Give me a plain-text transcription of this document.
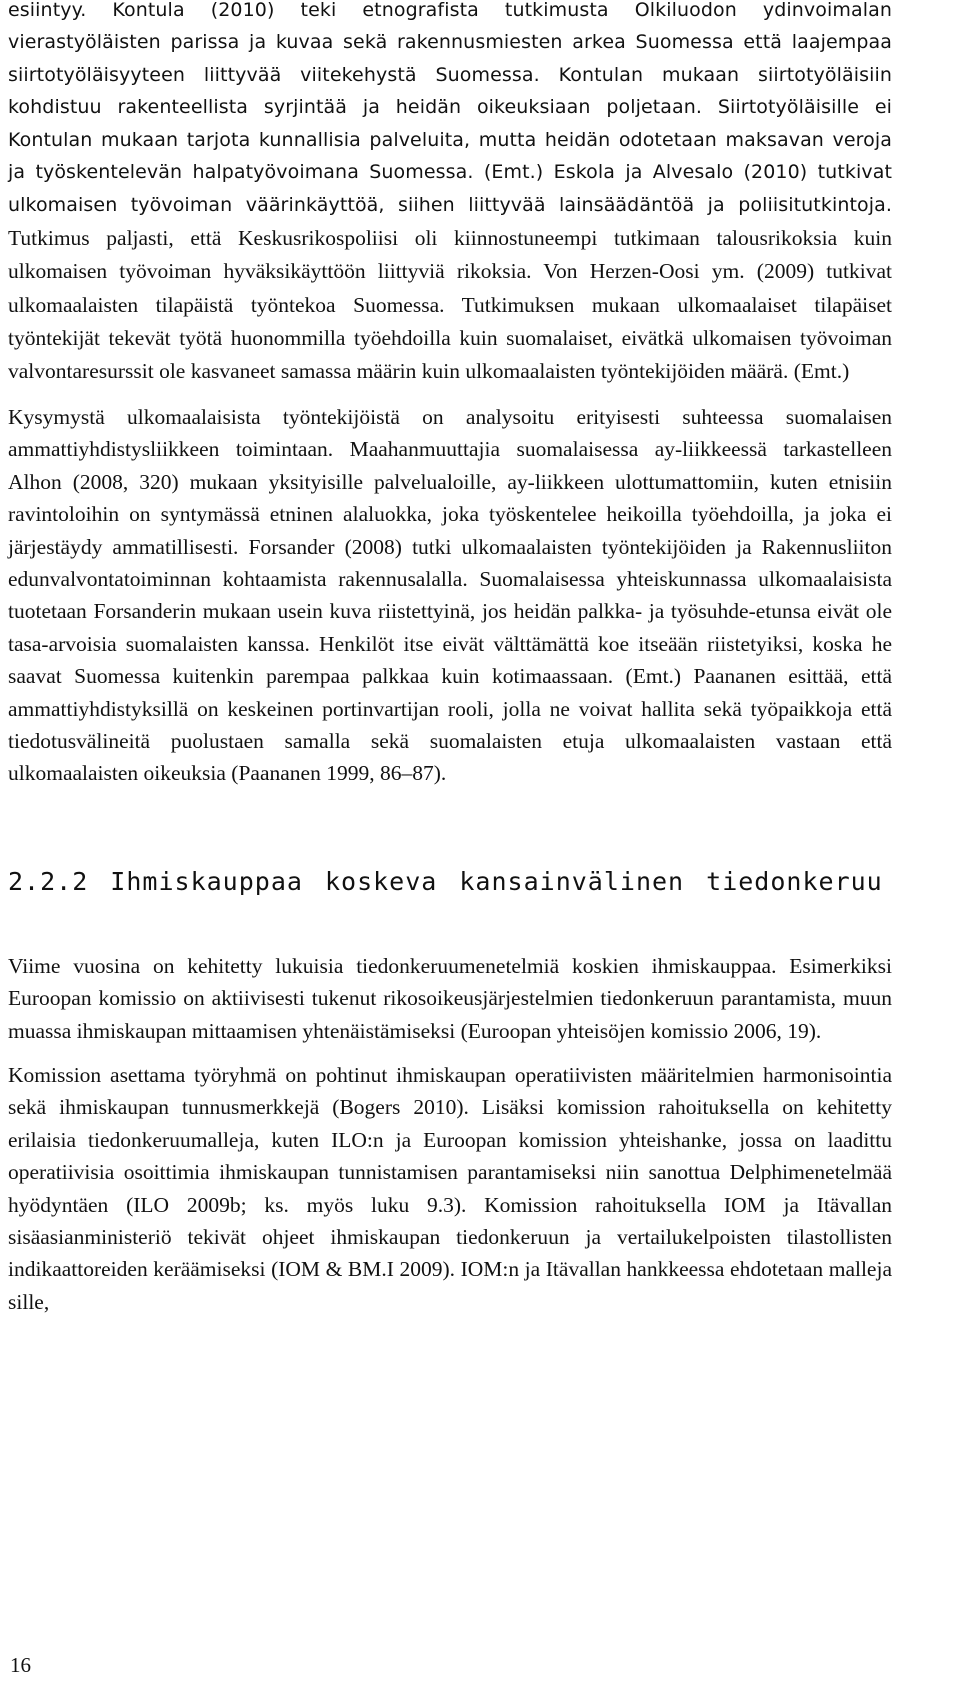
esiintyy. Kontula (2010) teki etnografista tutkimusta Olkiluodon ydinvoimalan vierastyöläisten parissa ja kuvaa sekä rakennusmiesten arkea Suomessa että laajempaa siirtotyöläisyyteen liittyvää viitekehystä Suomessa. Kontulan mukaan siirtotyöläisiin kohdistuu rakenteellista syrjintää ja heidän oikeuksiaan poljetaan. Siirtotyöläisille ei Kontulan mukaan tarjota kunnallisia palveluita, mutta heidän odotetaan maksavan veroja ja työskentelevän halpatyövoimana Suomessa. (Emt.) Eskola ja Alvesalo (2010) tutkivat ulkomaisen työvoiman väärinkäyttöä, siihen liittyvää lainsäädäntöä ja poliisitutkintoja. Tutkimus paljasti, että Keskusrikospoliisi oli kiinnostuneempi tutkimaan talousrikoksia kuin ulkomaisen työvoiman hyväksikäyttöön liittyviä rikoksia. Von Herzen-Oosi ym. (2009) tutkivat ulkomaalaisten tilapäistä työntekoa Suomessa. Tutkimuksen mukaan ulkomaalaiset tilapäiset työntekijät tekevät työtä huonommilla työehdoilla kuin suomalaiset, eivätkä ulkomaisen työvoiman valvontaresurssit ole kasvaneet samassa määrin kuin ulkomaalaisten työntekijöiden määrä. (Emt.)

Kysymystä ulkomaalaisista työntekijöistä on analysoitu erityisesti suhteessa suomalaisen ammattiyhdistysliikkeen toimintaan. Maahanmuuttajia suomalaisessa ay-liikkeessä tarkastelleen Alhon (2008, 320) mukaan yksityisille palvelualoille, ay-liikkeen ulottumattomiin, kuten etnisiin ravintoloihin on syntymässä etninen alaluokka, joka työskentelee heikoilla työehdoilla, ja joka ei järjestäydy ammatillisesti. Forsander (2008) tutki ulkomaalaisten työntekijöiden ja Rakennusliiton edunvalvontatoiminnan kohtaamista rakennusalalla. Suomalaisessa yhteiskunnassa ulkomaalaisista tuotetaan Forsanderin mukaan usein kuva riistettyinä, jos heidän palkka- ja työsuhde-etunsa eivät ole tasa-arvoisia suomalaisten kanssa. Henkilöt itse eivät välttämättä koe itseään riistetyiksi, koska he saavat Suomessa kuitenkin parempaa palkkaa kuin kotimaassaan. (Emt.) Paananen esittää, että ammattiyhdistyksillä on keskeinen portinvartijan rooli, jolla ne voivat hallita sekä työpaikkoja että tiedotusvälineitä puolustaen samalla sekä suomalaisten etuja ulkomaalaisten vastaan että ulkomaalaisten oikeuksia (Paananen 1999, 86–87).

2.2.2 Ihmiskauppaa koskeva kansainvälinen tiedonkeruu

Viime vuosina on kehitetty lukuisia tiedonkeruumenetelmiä koskien ihmiskauppaa. Esimerkiksi Euroopan komissio on aktiivisesti tukenut rikosoikeusjärjestelmien tiedonkeruun parantamista, muun muassa ihmiskaupan mittaamisen yhtenäistämiseksi (Euroopan yhteisöjen komissio 2006, 19).

Komission asettama työryhmä on pohtinut ihmiskaupan operatiivisten määritelmien harmonisointia sekä ihmiskaupan tunnusmerkkejä (Bogers 2010). Lisäksi komission rahoituksella on kehitetty erilaisia tiedonkeruumalleja, kuten ILO:n ja Euroopan komission yhteishanke, jossa on laadittu operatiivisia osoittimia ihmiskaupan tunnistamisen parantamiseksi niin sanottua Delphimenetelmää hyödyntäen (ILO 2009b; ks. myös luku 9.3). Komission rahoituksella IOM ja Itävallan sisäasianministeriö tekivät ohjeet ihmiskaupan tiedonkeruun ja vertailukelpoisten tilastollisten indikaattoreiden keräämiseksi (IOM & BM.I 2009). IOM:n ja Itävallan hankkeessa ehdotetaan malleja sille,

16
